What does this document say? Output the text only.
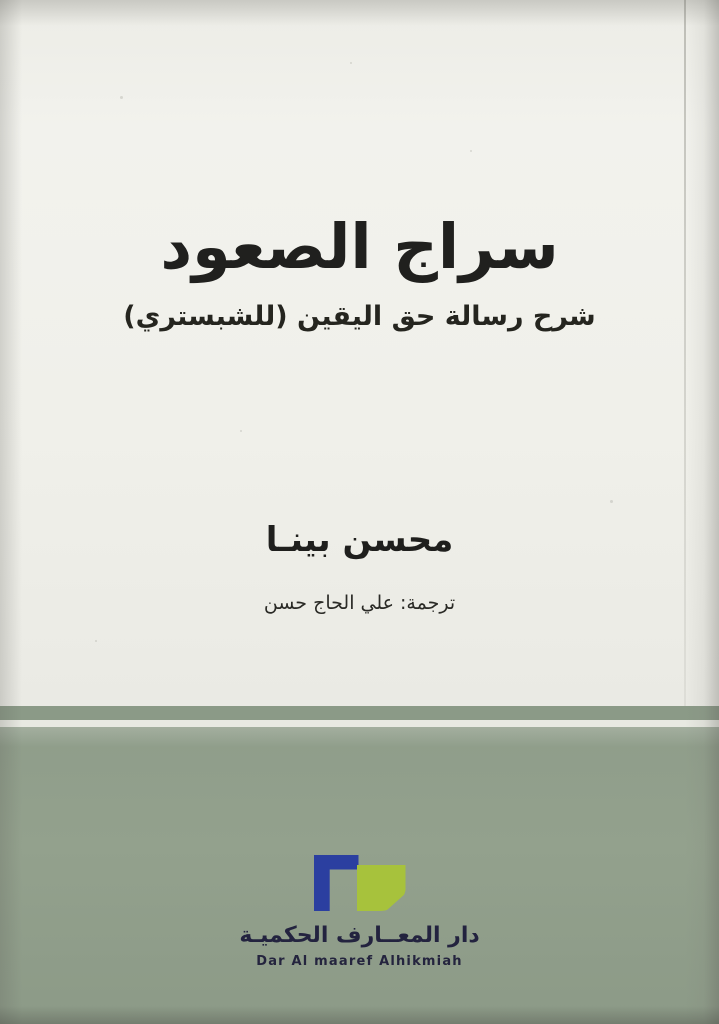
سراج الصعود

شرح رسالة حق اليقين (للشبستري)

محسن بينـا

ترجمة: علي الحاج حسن

دار المعــارف الحكميـة

Dar Al maaref Alhikmiah
